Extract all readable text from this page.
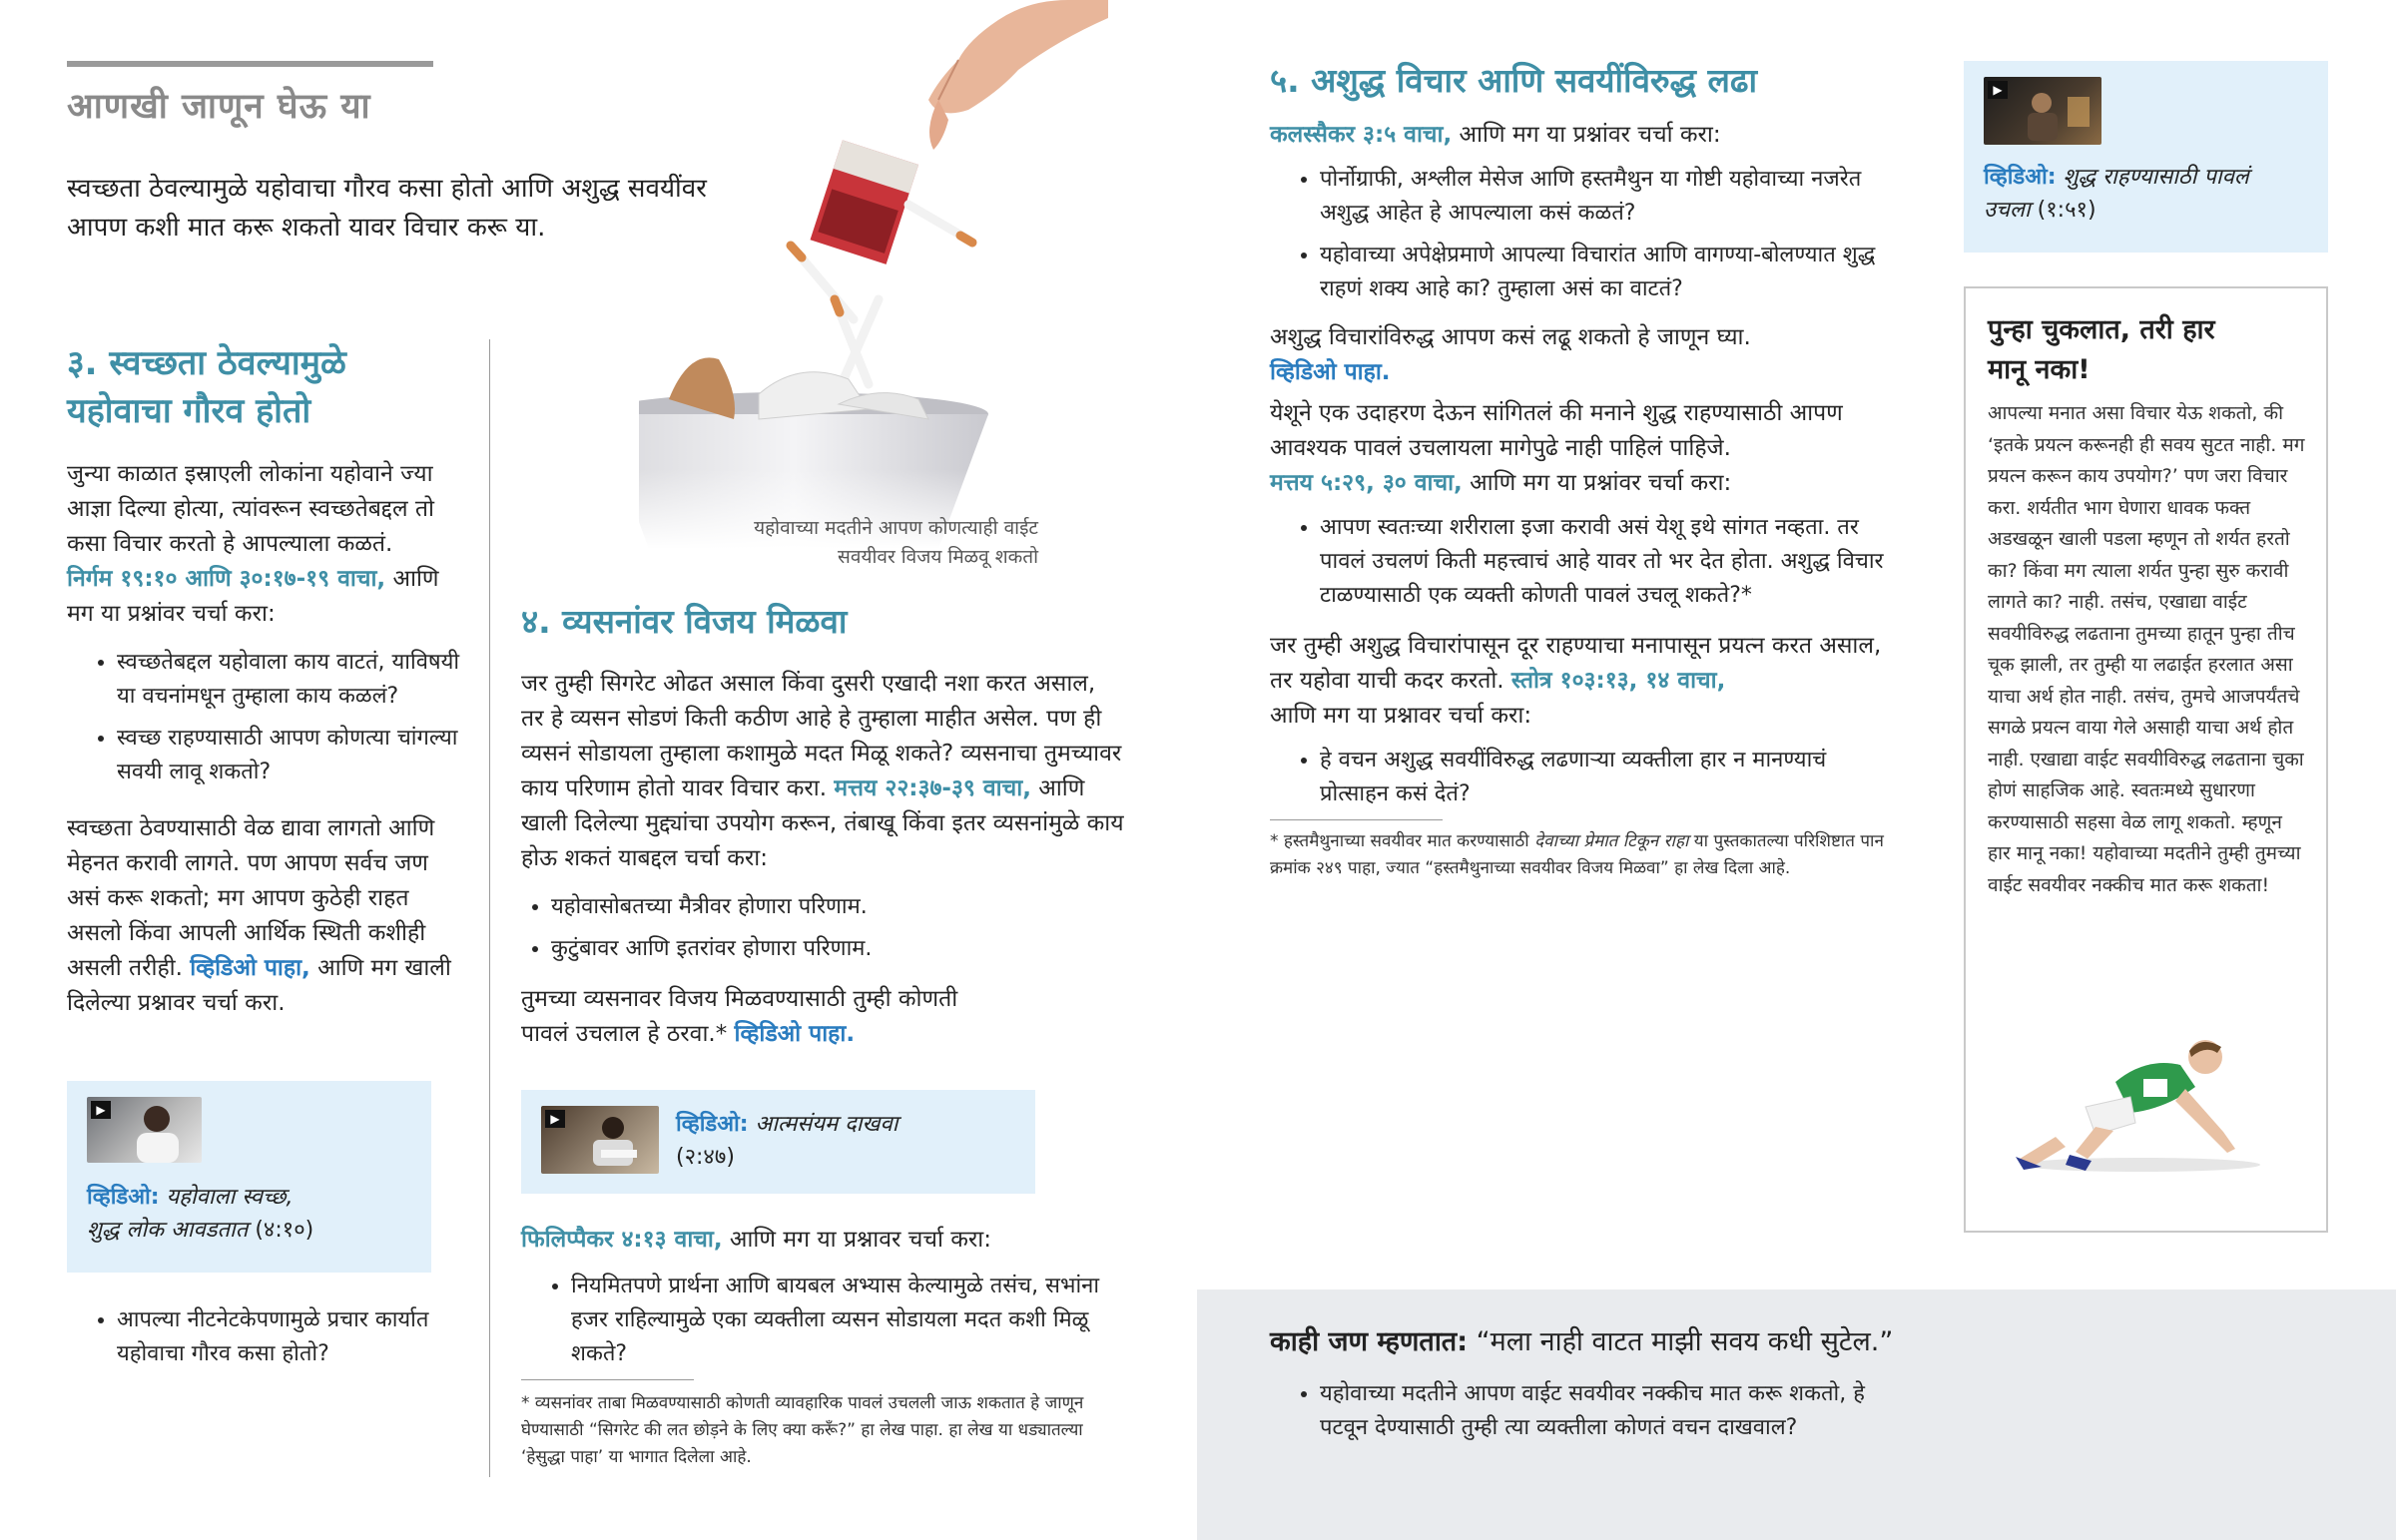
आणखी जाणून घेऊ या

स्वच्छता ठेवल्यामुळे यहोवाचा गौरव कसा होतो आणि अशुद्ध सवयींवर आपण कशी मात करू शकतो यावर विचार करू या.

यहोवाच्या मदतीने आपण कोणत्याही वाईट सवयीवर विजय मिळवू शकतो

३. स्वच्छता ठेवल्यामुळे
यहोवाचा गौरव होतो

जुन्या काळात इस्राएली लोकांना यहोवाने ज्या आज्ञा दिल्या होत्या, त्यांवरून स्वच्छतेबद्दल तो कसा विचार करतो हे आपल्याला कळतं.
निर्गम १९:१० आणि ३०:१७-१९ वाचा, आणि मग या प्रश्नांवर चर्चा करा:

• स्वच्छतेबद्दल यहोवाला काय वाटतं, याविषयी या वचनांमधून तुम्हाला काय कळलं?
• स्वच्छ राहण्यासाठी आपण कोणत्या चांगल्या सवयी लावू शकतो?

स्वच्छता ठेवण्यासाठी वेळ द्यावा लागतो आणि मेहनत करावी लागते. पण आपण सर्वच जण असं करू शकतो; मग आपण कुठेही राहत असलो किंवा आपली आर्थिक स्थिती कशीही असली तरीही. व्हिडिओ पाहा, आणि मग खाली दिलेल्या प्रश्नावर चर्चा करा.

▶

व्हिडिओ: यहोवाला स्वच्छ,
शुद्ध लोक आवडतात (४:१०)

• आपल्या नीटनेटकेपणामुळे प्रचार कार्यात यहोवाचा गौरव कसा होतो?
४. व्यसनांवर विजय मिळवा

जर तुम्ही सिगरेट ओढत असाल किंवा दुसरी एखादी नशा करत असाल, तर हे व्यसन सोडणं किती कठीण आहे हे तुम्हाला माहीत असेल. पण ही व्यसनं सोडायला तुम्हाला कशामुळे मदत मिळू शकते? व्यसनाचा तुमच्यावर काय परिणाम होतो यावर विचार करा. मत्तय २२:३७-३९ वाचा, आणि खाली दिलेल्या मुद्द्यांचा उपयोग करून, तंबाखू किंवा इतर व्यसनांमुळे काय होऊ शकतं याबद्दल चर्चा करा:

• यहोवासोबतच्या मैत्रीवर होणारा परिणाम.
• कुटुंबावर आणि इतरांवर होणारा परिणाम.

तुमच्या व्यसनावर विजय मिळवण्यासाठी तुम्ही कोणती पावलं उचलाल हे ठरवा.* व्हिडिओ पाहा.

▶	व्हिडिओ: आत्मसंयम दाखवा
(२:४७)

फिलिप्पैकर ४:१३ वाचा, आणि मग या प्रश्नावर चर्चा करा:

• नियमितपणे प्रार्थना आणि बायबल अभ्यास केल्यामुळे तसंच, सभांना हजर राहिल्यामुळे एका व्यक्तीला व्यसन सोडायला मदत कशी मिळू शकते?

* व्यसनांवर ताबा मिळवण्यासाठी कोणती व्यावहारिक पावलं उचलली जाऊ शकतात हे जाणून घेण्यासाठी “सिगरेट की लत छोड़ने के लिए क्या करूँ?” हा लेख पाहा. हा लेख या धड्यातल्या ‘हेसुद्धा पाहा’ या भागात दिलेला आहे.

५. अशुद्ध विचार आणि सवयींविरुद्ध लढा

कलस्सैकर ३:५ वाचा, आणि मग या प्रश्नांवर चर्चा करा:

• पोर्नोग्राफी, अश्लील मेसेज आणि हस्तमैथुन या गोष्टी यहोवाच्या नजरेत अशुद्ध आहेत हे आपल्याला कसं कळतं?
• यहोवाच्या अपेक्षेप्रमाणे आपल्या विचारांत आणि वागण्या-बोलण्यात शुद्ध राहणं शक्य आहे का? तुम्हाला असं का वाटतं?

अशुद्ध विचारांविरुद्ध आपण कसं लढू शकतो हे जाणून घ्या.
व्हिडिओ पाहा.

येशूने एक उदाहरण देऊन सांगितलं की मनाने शुद्ध राहण्यासाठी आपण आवश्यक पावलं उचलायला मागेपुढे नाही पाहिलं पाहिजे.
मत्तय ५:२९, ३० वाचा, आणि मग या प्रश्नांवर चर्चा करा:

• आपण स्वतःच्या शरीराला इजा करावी असं येशू इथे सांगत नव्हता. तर पावलं उचलणं किती महत्त्वाचं आहे यावर तो भर देत होता. अशुद्ध विचार टाळण्यासाठी एक व्यक्ती कोणती पावलं उचलू शकते?*

जर तुम्ही अशुद्ध विचारांपासून दूर राहण्याचा मनापासून प्रयत्न करत असाल, तर यहोवा याची कदर करतो. स्तोत्र १०३:१३, १४ वाचा,
आणि मग या प्रश्नावर चर्चा करा:

• हे वचन अशुद्ध सवयींविरुद्ध लढणाऱ्या व्यक्तीला हार न मानण्याचं प्रोत्साहन कसं देतं?

* हस्तमैथुनाच्या सवयीवर मात करण्यासाठी देवाच्या प्रेमात टिकून राहा या पुस्तकातल्या परिशिष्टात पान क्रमांक २४९ पाहा, ज्यात “हस्तमैथुनाच्या सवयीवर विजय मिळवा” हा लेख दिला आहे.

▶

व्हिडिओ: शुद्ध राहण्यासाठी पावलं
उचला (१:५१)

पुन्हा चुकलात, तरी हार
मानू नका!

आपल्या मनात असा विचार येऊ शकतो, की ‘इतके प्रयत्न करूनही ही सवय सुटत नाही. मग प्रयत्न करून काय उपयोग?’ पण जरा विचार करा. शर्यतीत भाग घेणारा धावक फक्त अडखळून खाली पडला म्हणून तो शर्यत हरतो का? किंवा मग त्याला शर्यत पुन्हा सुरु करावी लागते का? नाही. तसंच, एखाद्या वाईट सवयीविरुद्ध लढताना तुमच्या हातून पुन्हा तीच चूक झाली, तर तुम्ही या लढाईत हरलात असा याचा अर्थ होत नाही. तसंच, तुमचे आजपर्यंतचे सगळे प्रयत्न वाया गेले असाही याचा अर्थ होत नाही. एखाद्या वाईट सवयीविरुद्ध लढताना चुका होणं साहजिक आहे. स्वतःमध्ये सुधारणा करण्यासाठी सहसा वेळ लागू शकतो. म्हणून हार मानू नका! यहोवाच्या मदतीने तुम्ही तुमच्या वाईट सवयीवर नक्कीच मात करू शकता!

काही जण म्हणतात: “मला नाही वाटत माझी सवय कधी सुटेल.”

• यहोवाच्या मदतीने आपण वाईट सवयीवर नक्कीच मात करू शकतो, हे पटवून देण्यासाठी तुम्ही त्या व्यक्तीला कोणतं वचन दाखवाल?
